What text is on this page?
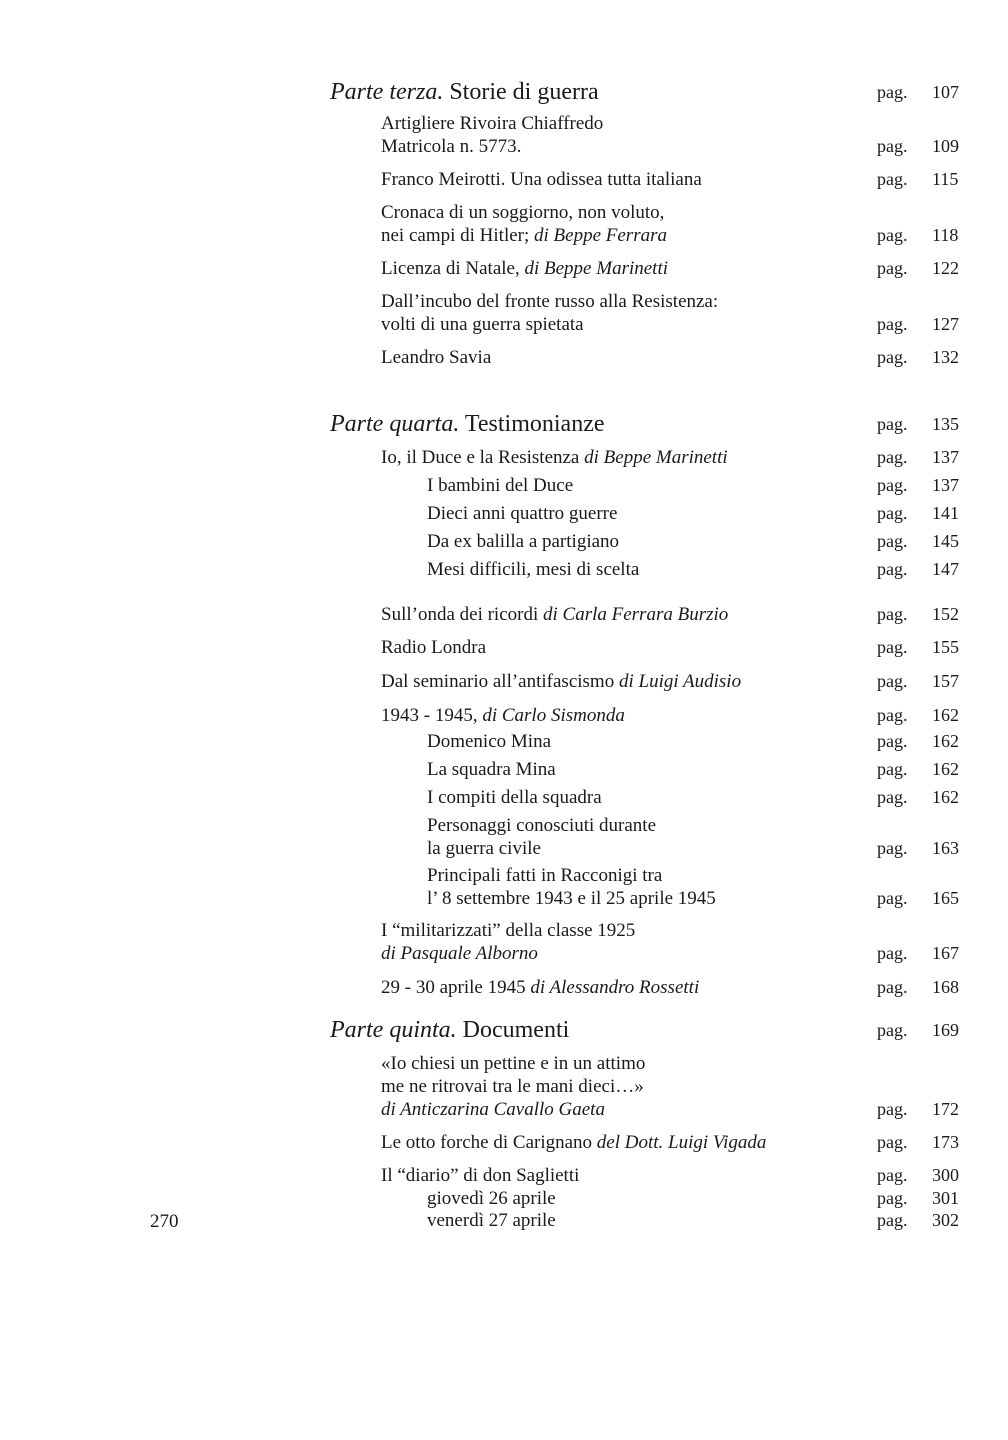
Parte terza. Storie di guerra	pag. 107
Artigliere Rivoira Chiaffredo
Matricola n. 5773.	pag. 109
Franco Meirotti. Una odissea tutta italiana	pag. 115
Cronaca di un soggiorno, non voluto,
nei campi di Hitler; di Beppe Ferrara	pag. 118
Licenza di Natale, di Beppe Marinetti	pag. 122
Dall’incubo del fronte russo alla Resistenza:
volti di una guerra spietata	pag. 127
Leandro Savia	pag. 132
Parte quarta. Testimonianze	pag. 135
Io, il Duce e la Resistenza di Beppe Marinetti	pag. 137
I bambini del Duce	pag. 137
Dieci anni quattro guerre	pag. 141
Da ex balilla a partigiano	pag. 145
Mesi difficili, mesi di scelta	pag. 147
Sull’onda dei ricordi di Carla Ferrara Burzio	pag. 152
Radio Londra	pag. 155
Dal seminario all’antifascismo di Luigi Audisio	pag. 157
1943 - 1945, di Carlo Sismonda	pag. 162
Domenico Mina	pag. 162
La squadra Mina	pag. 162
I compiti della squadra	pag. 162
Personaggi conosciuti durante
la guerra civile	pag. 163
Principali fatti in Racconigi tra
l’ 8 settembre 1943 e il 25 aprile 1945	pag. 165
I “militarizzati” della classe 1925
di Pasquale Alborno	pag. 167
29 - 30 aprile 1945 di Alessandro Rossetti	pag. 168
Parte quinta. Documenti	pag. 169
«Io chiesi un pettine e in un attimo
me ne ritrovai tra le mani dieci…»
di Anticzarina Cavallo Gaeta	pag. 172
Le otto forche di Carignano del Dott. Luigi Vigada	pag. 173
Il “diario” di don Saglietti	pag. 300
giovedì 26 aprile	pag. 301
venerdì 27 aprile	pag. 302
270
